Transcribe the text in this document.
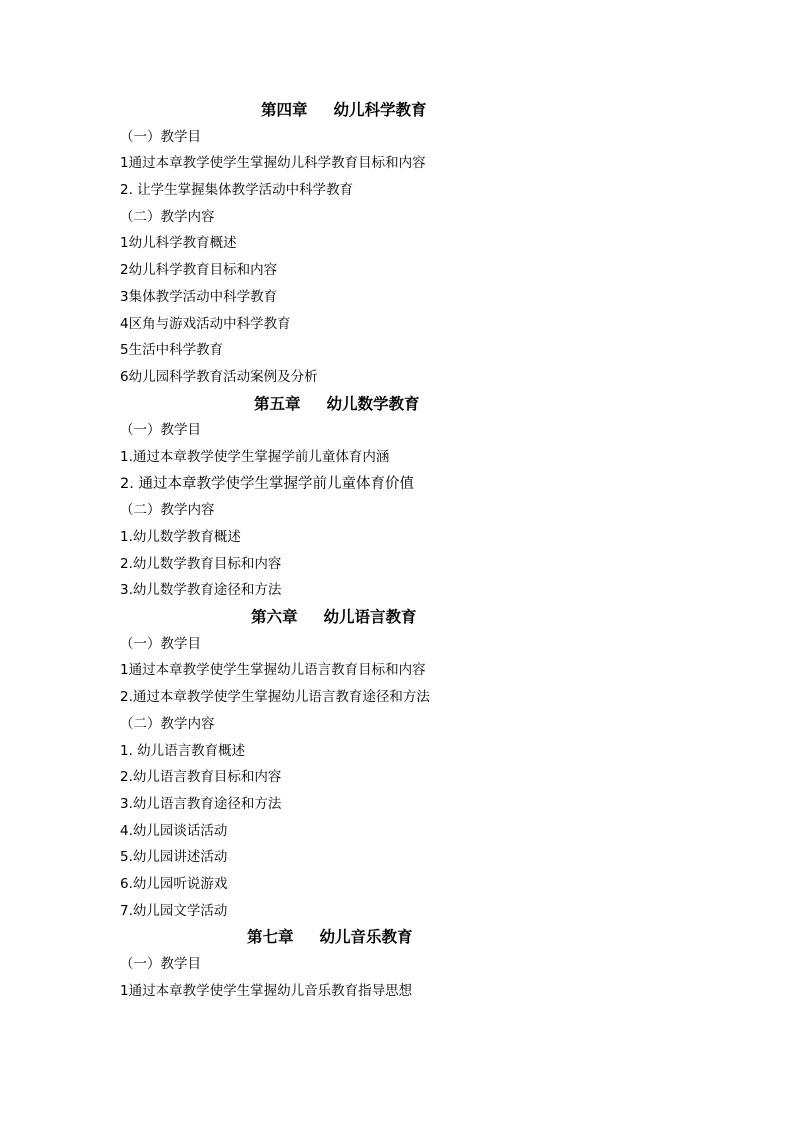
第四章 幼儿科学教育
（一）教学目
1通过本章教学使学生掌握幼儿科学教育目标和内容
2. 让学生掌握集体教学活动中科学教育
（二）教学内容
1幼儿科学教育概述
2幼儿科学教育目标和内容
3集体教学活动中科学教育
4区角与游戏活动中科学教育
5生活中科学教育
6幼儿园科学教育活动案例及分析
第五章 幼儿数学教育
（一）教学目
1.通过本章教学使学生掌握学前儿童体育内涵
2. 通过本章教学使学生掌握学前儿童体育价值
（二）教学内容
1.幼儿数学教育概述
2.幼儿数学教育目标和内容
3.幼儿数学教育途径和方法
第六章 幼儿语言教育
（一）教学目
1通过本章教学使学生掌握幼儿语言教育目标和内容
2.通过本章教学使学生掌握幼儿语言教育途径和方法
（二）教学内容
1. 幼儿语言教育概述
2.幼儿语言教育目标和内容
3.幼儿语言教育途径和方法
4.幼儿园谈话活动
5.幼儿园讲述活动
6.幼儿园听说游戏
7.幼儿园文学活动
第七章 幼儿音乐教育
（一）教学目
1通过本章教学使学生掌握幼儿音乐教育指导思想
